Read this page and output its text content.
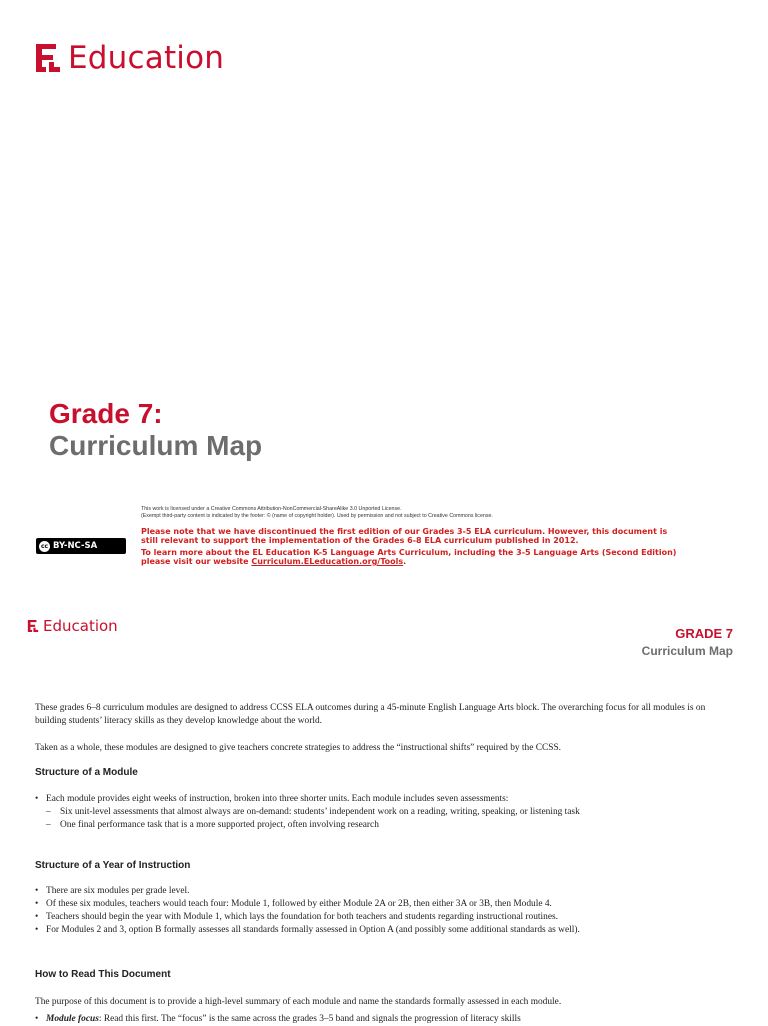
Education
Grade 7:
Curriculum Map
This work is licensed under a Creative Commons Attribution-NonCommercial-ShareAlike 3.0 Unported License.
(Exempt third-party content is indicated by the footer: © (name of copyright holder). Used by permission and not subject to Creative Commons license.
Please note that we have discontinued the first edition of our Grades 3-5 ELA curriculum. However, this document is still relevant to support the implementation of the Grades 6-8 ELA curriculum published in 2012.
To learn more about the EL Education K-5 Language Arts Curriculum, including the 3-5 Language Arts (Second Edition) please visit our website Curriculum.ELeducation.org/Tools.
cc BY-NC-SA
Education	GRADE 7
Curriculum Map
These grades 6–8 curriculum modules are designed to address CCSS ELA outcomes during a 45-minute English Language Arts block. The overarching focus for all modules is on building students’ literacy skills as they develop knowledge about the world.
Taken as a whole, these modules are designed to give teachers concrete strategies to address the “instructional shifts” required by the CCSS.
Structure of a Module
• Each module provides eight weeks of instruction, broken into three shorter units. Each module includes seven assessments:
– Six unit-level assessments that almost always are on-demand: students’ independent work on a reading, writing, speaking, or listening task
– One final performance task that is a more supported project, often involving research
Structure of a Year of Instruction
• There are six modules per grade level.
• Of these six modules, teachers would teach four: Module 1, followed by either Module 2A or 2B, then either 3A or 3B, then Module 4.
• Teachers should begin the year with Module 1, which lays the foundation for both teachers and students regarding instructional routines.
• For Modules 2 and 3, option B formally assesses all standards formally assessed in Option A (and possibly some additional standards as well).
How to Read This Document
The purpose of this document is to provide a high-level summary of each module and name the standards formally assessed in each module.
• Module focus: Read this first. The “focus” is the same across the grades 3–5 band and signals the progression of literacy skills
